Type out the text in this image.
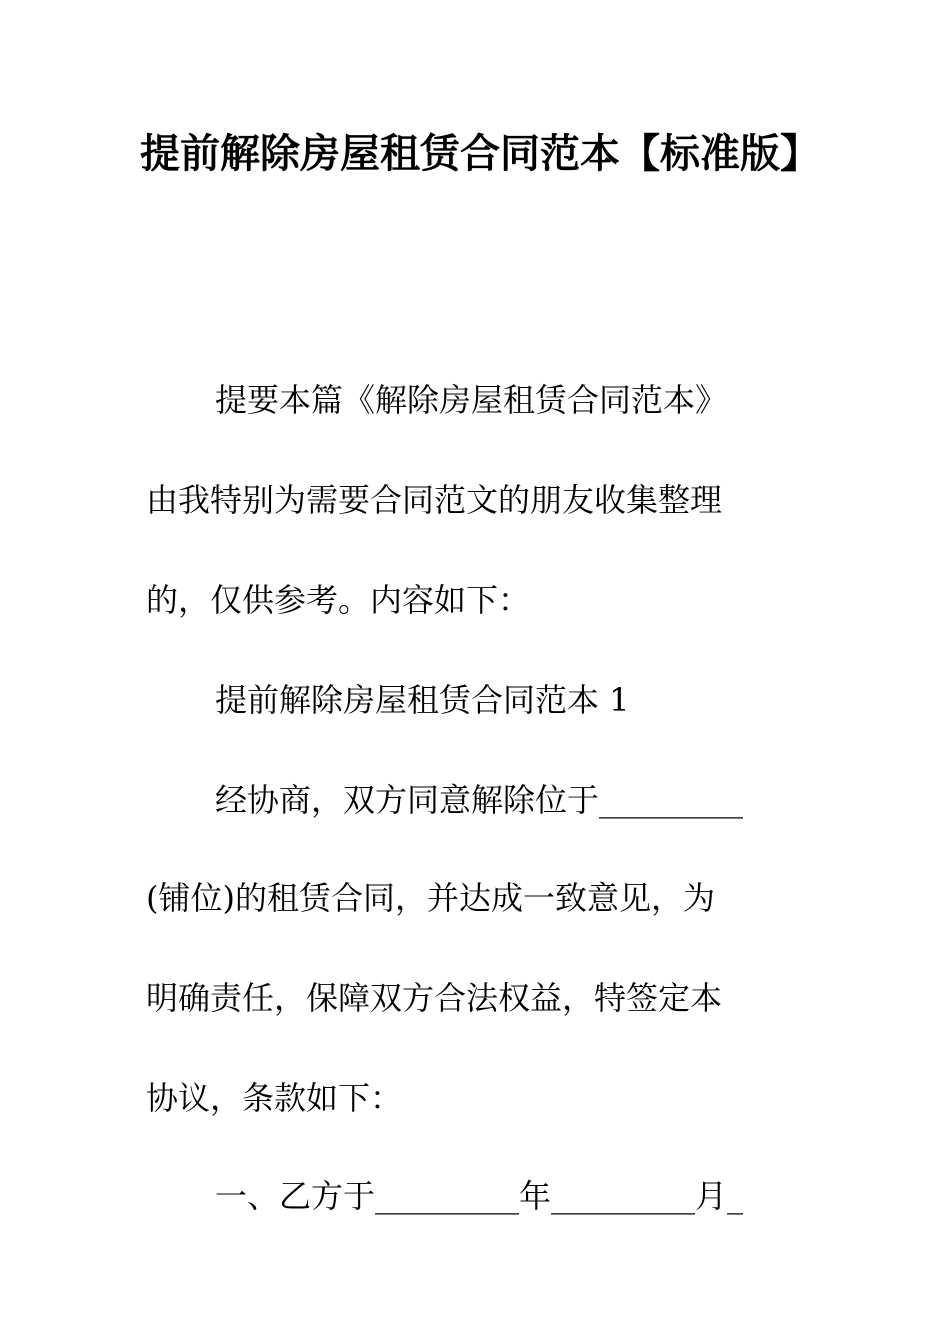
提前解除房屋租赁合同范本【标准版】

提要本篇《解除房屋租赁合同范本》

由我特别为需要合同范文的朋友收集整理

的，仅供参考。内容如下：

提前解除房屋租赁合同范本 1

经协商，双方同意解除位于_________

(铺位)的租赁合同，并达成一致意见，为

明确责任，保障双方合法权益，特签定本

协议，条款如下：

一、乙方于_________年_________月_
